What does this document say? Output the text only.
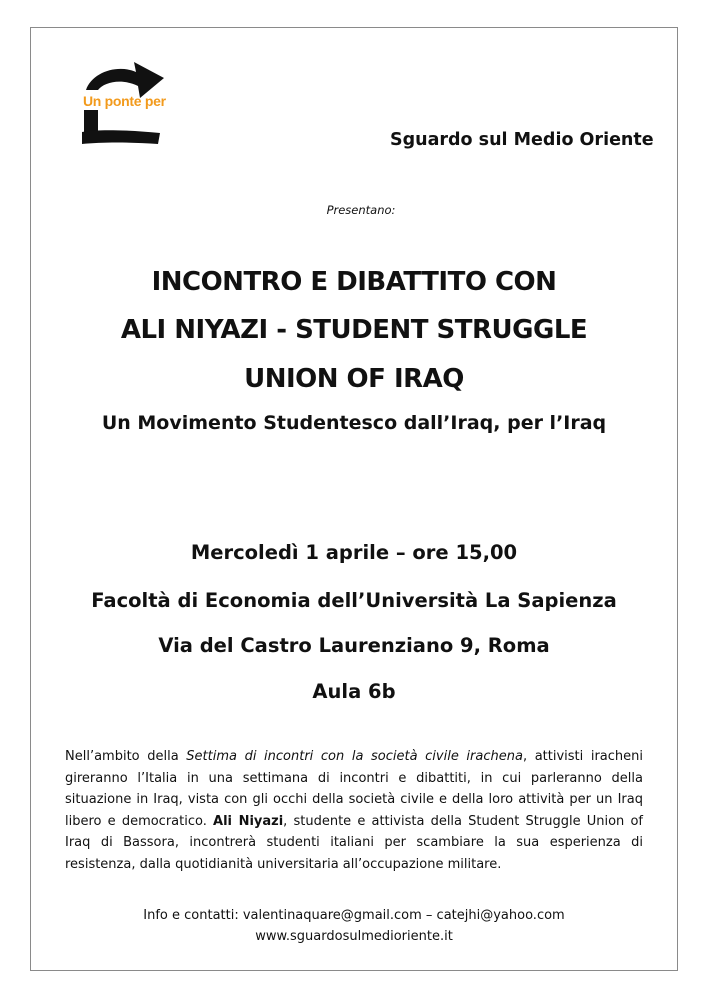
Un ponte per
Sguardo sul Medio Oriente
Presentano:
INCONTRO E DIBATTITO CON
ALI NIYAZI - STUDENT STRUGGLE
UNION OF IRAQ
Un Movimento Studentesco dall’Iraq, per l’Iraq
Mercoledì 1 aprile – ore 15,00
Facoltà di Economia dell’Università La Sapienza
Via del Castro Laurenziano 9, Roma
Aula 6b
Nell’ambito della Settima di incontri con la società civile irachena, attivisti iracheni gireranno l’Italia in una settimana di incontri e dibattiti, in cui parleranno della situazione in Iraq, vista con gli occhi della società civile e della loro attività per un Iraq libero e democratico. Ali Niyazi, studente e attivista della Student Struggle Union of Iraq di Bassora, incontrerà studenti italiani per scambiare la sua esperienza di resistenza, dalla quotidianità universitaria all’occupazione militare.
Info e contatti: valentinaquare@gmail.com – catejhi@yahoo.com
www.sguardosulmedioriente.it
